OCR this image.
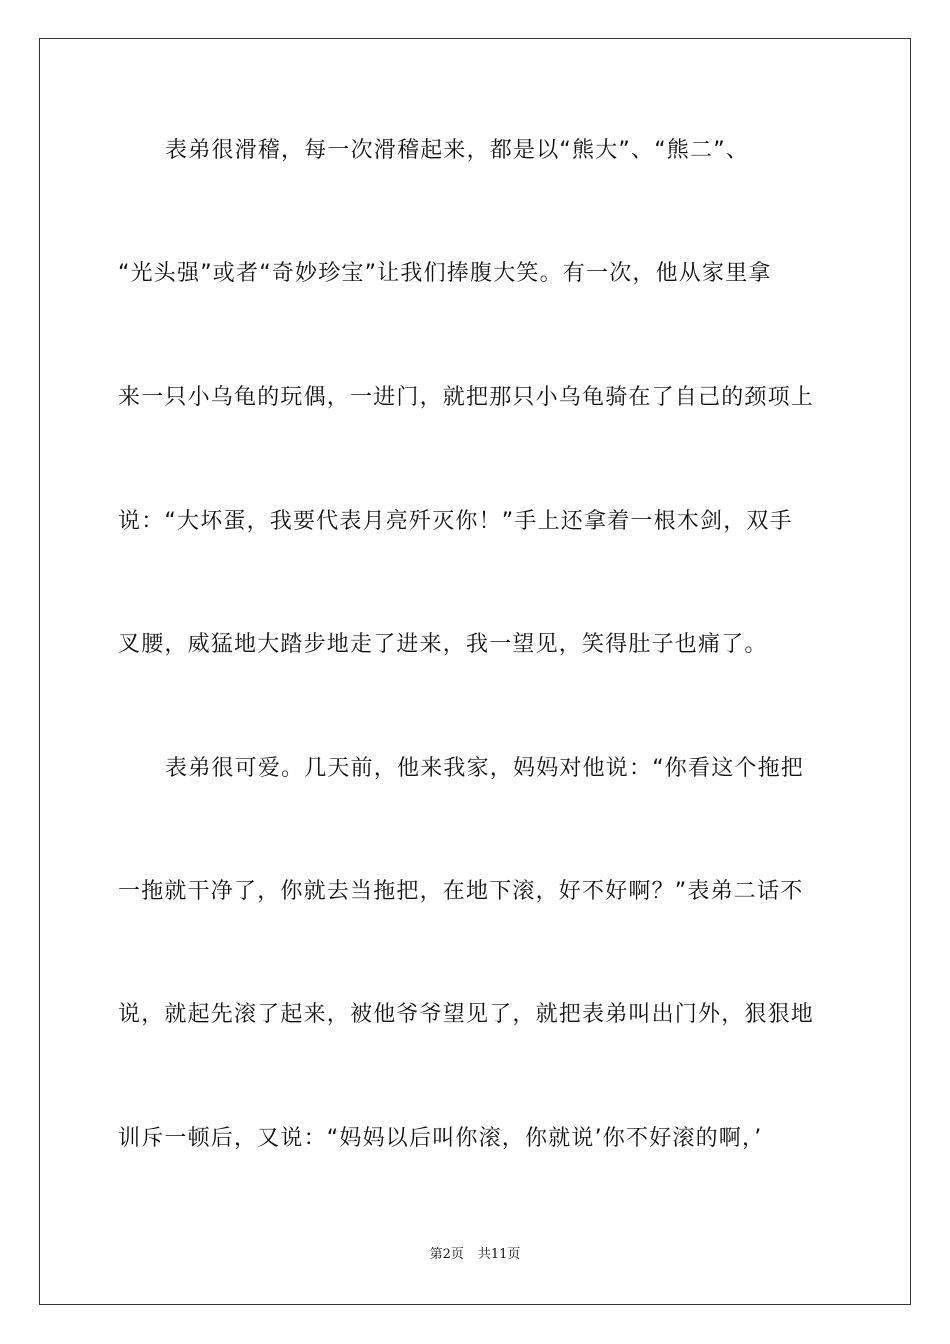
表弟很滑稽，每一次滑稽起来，都是以“熊大”、“熊二”、
“光头强”或者“奇妙珍宝”让我们捧腹大笑。有一次，他从家里拿
来一只小乌龟的玩偶，一进门，就把那只小乌龟骑在了自己的颈项上
说：“大坏蛋，我要代表月亮歼灭你！”手上还拿着一根木剑，双手
叉腰，威猛地大踏步地走了进来，我一望见，笑得肚子也痛了。
表弟很可爱。几天前，他来我家，妈妈对他说：“你看这个拖把
一拖就干净了，你就去当拖把，在地下滚，好不好啊？”表弟二话不
说，就起先滚了起来，被他爷爷望见了，就把表弟叫出门外，狠狠地
训斥一顿后，又说：“妈妈以后叫你滚，你就说’你不好滚的啊，’
第2页 共11页
